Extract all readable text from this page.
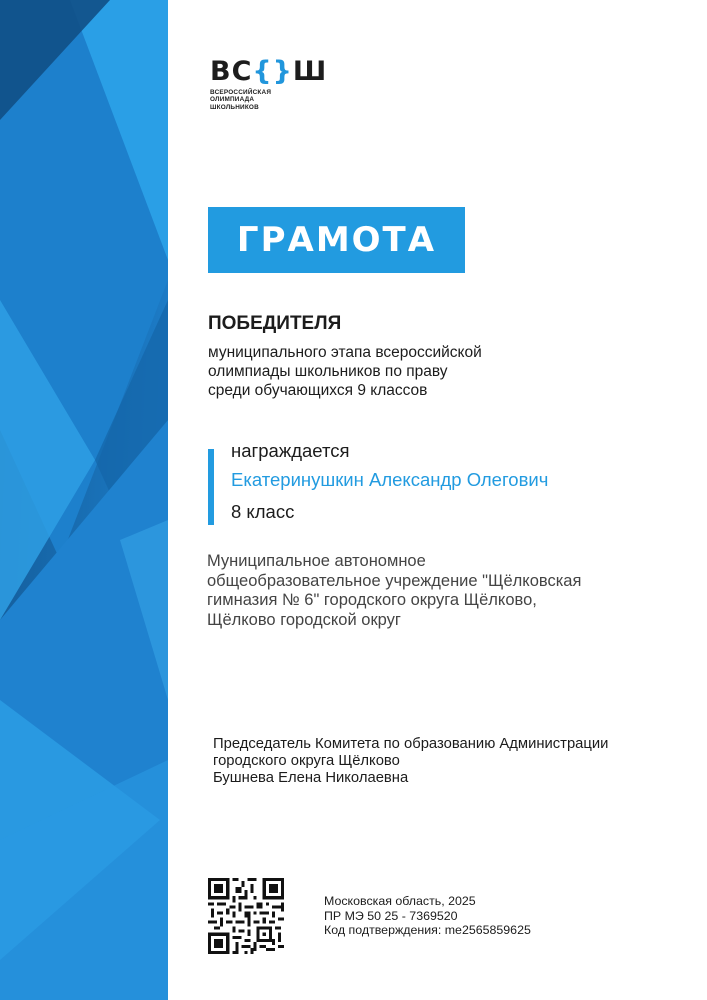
ВС{}Ш
ВСЕРОССИЙСКАЯ
ОЛИМПИАДА
ШКОЛЬНИКОВ
ГРАМОТА
ПОБЕДИТЕЛЯ
муниципального этапа всероссийской
олимпиады школьников по праву
среди обучающихся 9 классов
награждается
Екатеринушкин Александр Олегович
8 класс
Муниципальное автономное
общеобразовательное учреждение "Щёлковская
гимназия № 6" городского округа Щёлково,
Щёлково городской округ
Председатель Комитета по образованию Администрации
городского округа Щёлково
Бушнева Елена Николаевна
Московская область, 2025
ПР МЭ 50 25 - 7369520
Код подтверждения: me2565859625
